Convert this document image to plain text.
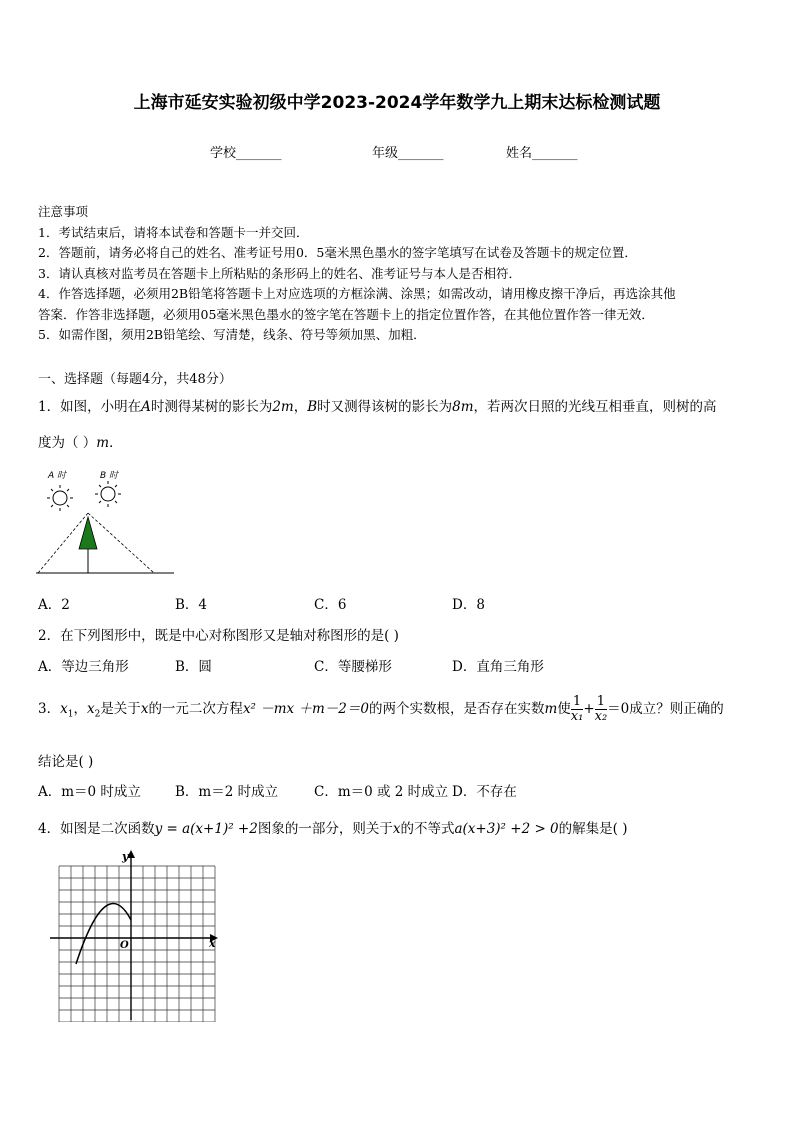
上海市延安实验初级中学2023-2024学年数学九上期末达标检测试题
学校_______	年级_______	姓名_______
注意事项
1．考试结束后，请将本试卷和答题卡一并交回．
2．答题前，请务必将自己的姓名、准考证号用0．5毫米黑色墨水的签字笔填写在试卷及答题卡的规定位置．
3．请认真核对监考员在答题卡上所粘贴的条形码上的姓名、准考证号与本人是否相符．
4．作答选择题，必须用2B铅笔将答题卡上对应选项的方框涂满、涂黑；如需改动，请用橡皮擦干净后，再选涂其他
答案．作答非选择题，必须用05毫米黑色墨水的签字笔在答题卡上的指定位置作答，在其他位置作答一律无效．
5．如需作图，须用2B铅笔绘、写清楚，线条、符号等须加黑、加粗．
一、选择题（每题4分，共48分）
1．如图，小明在A时测得某树的影长为2m，B时又测得该树的影长为8m，若两次日照的光线互相垂直，则树的高
度为（ ）m．
A 时	B 时
A．2	B．4	C．6	D．8
2．在下列图形中，既是中心对称图形又是轴对称图形的是( )
A．等边三角形	B．圆	C．等腰梯形	D．直角三角形
3．$x_1$，$x_2$是关于x的一元二次方程x² －mx ＋m－2＝0的两个实数根，是否存在实数m使 $\frac{1}{\text{x₁}} + \frac{1}{\text{x₂}} =0$成立？则正确的
结论是( )
A．m＝0 时成立	B．m＝2 时成立	C．m＝0 或 2 时成立 D．不存在
4．如图是二次函数y = a(x+1)² +2图象的一部分，则关于x的不等式a(x+3)² +2 > 0的解集是( )
y
x
O
